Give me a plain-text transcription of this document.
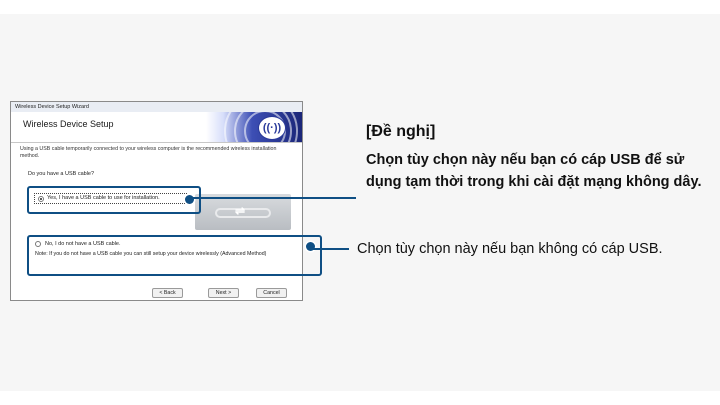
Wireless Device Setup Wizard
Wireless Device Setup	((·))
Using a USB cable temporarily connected to your wireless computer is the recommended wireless installation method.
Do you have a USB cable?
⇌
Yes, I have a USB cable to use for installation.
No, I do not have a USB cable.
Note: If you do not have a USB cable you can still setup your device wirelessly (Advanced Method)
< Back	Next >	Cancel
[Đề nghị]
Chọn tùy chọn này nếu bạn có cáp USB để sử dụng tạm thời trong khi cài đặt mạng không dây.
Chọn tùy chọn này nếu bạn không có cáp USB.
